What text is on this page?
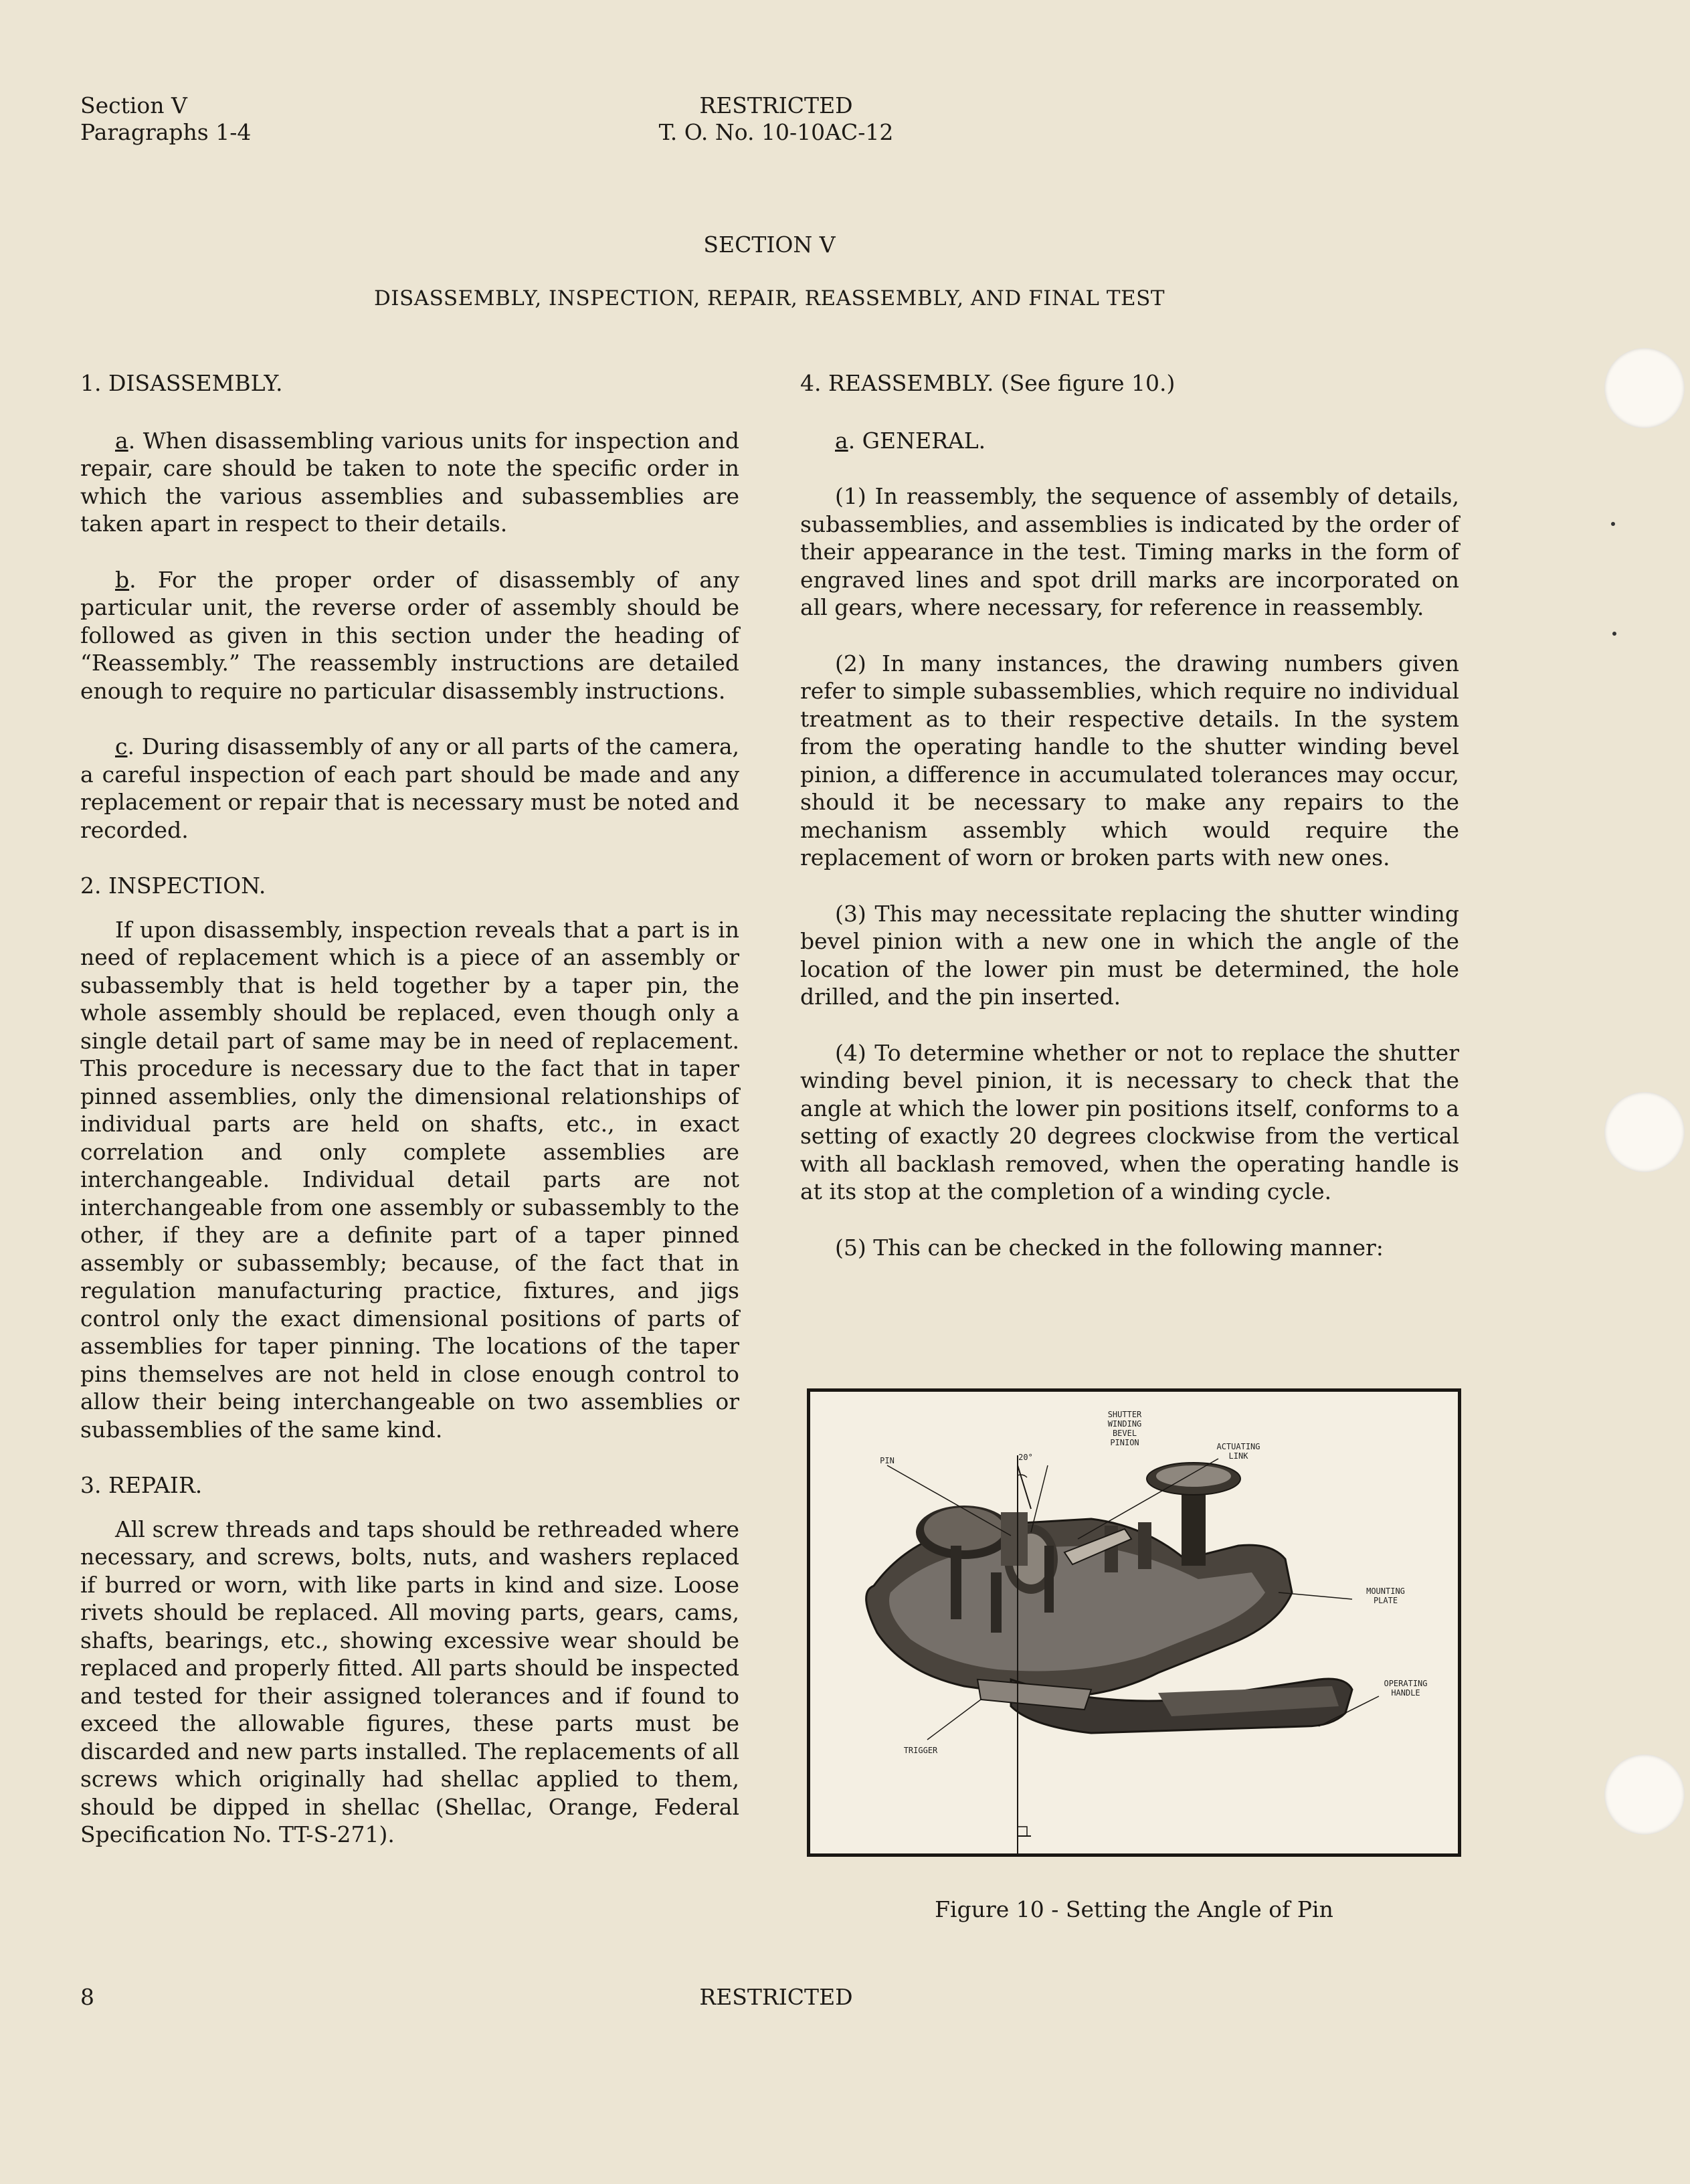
Section V
Paragraphs 1-4
RESTRICTED
T. O. No. 10-10AC-12
SECTION V
DISASSEMBLY, INSPECTION, REPAIR, REASSEMBLY, AND FINAL TEST
1. DISASSEMBLY.
a. When disassembling various units for inspection and repair, care should be taken to note the specific order in which the various assemblies and subassemblies are taken apart in respect to their details.
b. For the proper order of disassembly of any particular unit, the reverse order of assembly should be followed as given in this section under the heading of “Reassembly.” The reassembly instructions are detailed enough to require no particular disassembly instructions.
c. During disassembly of any or all parts of the camera, a careful inspection of each part should be made and any replacement or repair that is necessary must be noted and recorded.
2. INSPECTION.
If upon disassembly, inspection reveals that a part is in need of replacement which is a piece of an assembly or subassembly that is held together by a taper pin, the whole assembly should be replaced, even though only a single detail part of same may be in need of replacement. This procedure is necessary due to the fact that in taper pinned assemblies, only the dimensional relationships of individual parts are held on shafts, etc., in exact correlation and only complete assemblies are interchangeable. Individual detail parts are not interchangeable from one assembly or subassembly to the other, if they are a definite part of a taper pinned assembly or subassembly; because, of the fact that in regulation manufacturing practice, fixtures, and jigs control only the exact dimensional positions of parts of assemblies for taper pinning. The locations of the taper pins themselves are not held in close enough control to allow their being interchangeable on two assemblies or subassemblies of the same kind.
3. REPAIR.
All screw threads and taps should be rethreaded where necessary, and screws, bolts, nuts, and washers replaced if burred or worn, with like parts in kind and size. Loose rivets should be replaced. All moving parts, gears, cams, shafts, bearings, etc., showing excessive wear should be replaced and properly fitted. All parts should be inspected and tested for their assigned tolerances and if found to exceed the allowable figures, these parts must be discarded and new parts installed. The replacements of all screws which originally had shellac applied to them, should be dipped in shellac (Shellac, Orange, Federal Specification No. TT-S-271).
4. REASSEMBLY. (See figure 10.)
a. GENERAL.
(1) In reassembly, the sequence of assembly of details, subassemblies, and assemblies is indicated by the order of their appearance in the test. Timing marks in the form of engraved lines and spot drill marks are incorporated on all gears, where necessary, for reference in reassembly.
(2) In many instances, the drawing numbers given refer to simple subassemblies, which require no individual treatment as to their respective details. In the system from the operating handle to the shutter winding bevel pinion, a difference in accumulated tolerances may occur, should it be necessary to make any repairs to the mechanism assembly which would require the replacement of worn or broken parts with new ones.
(3) This may necessitate replacing the shutter winding bevel pinion with a new one in which the angle of the location of the lower pin must be determined, the hole drilled, and the pin inserted.
(4) To determine whether or not to replace the shutter winding bevel pinion, it is necessary to check that the angle at which the lower pin positions itself, conforms to a setting of exactly 20 degrees clockwise from the vertical with all backlash removed, when the operating handle is at its stop at the completion of a winding cycle.
(5) This can be checked in the following manner:
PIN	20°
SHUTTER
WINDING
BEVEL
PINION	ACTUATING
LINK
MOUNTING
PLATE
OPERATING
HANDLE
TRIGGER
Figure 10 - Setting the Angle of Pin
8	RESTRICTED
